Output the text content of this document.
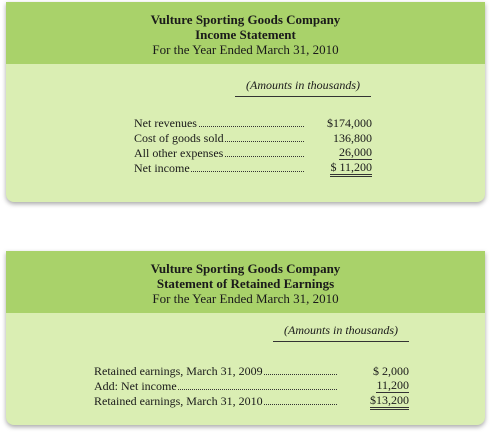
Vulture Sporting Goods Company
Income Statement
For the Year Ended March 31, 2010
(Amounts in thousands)
Net revenues	$174,000
Cost of goods sold	136,800
All other expenses	26,000
Net income	$ 11,200
Vulture Sporting Goods Company
Statement of Retained Earnings
For the Year Ended March 31, 2010
(Amounts in thousands)
Retained earnings, March 31, 2009	$ 2,000
Add: Net income	11,200
Retained earnings, March 31, 2010	$13,200
